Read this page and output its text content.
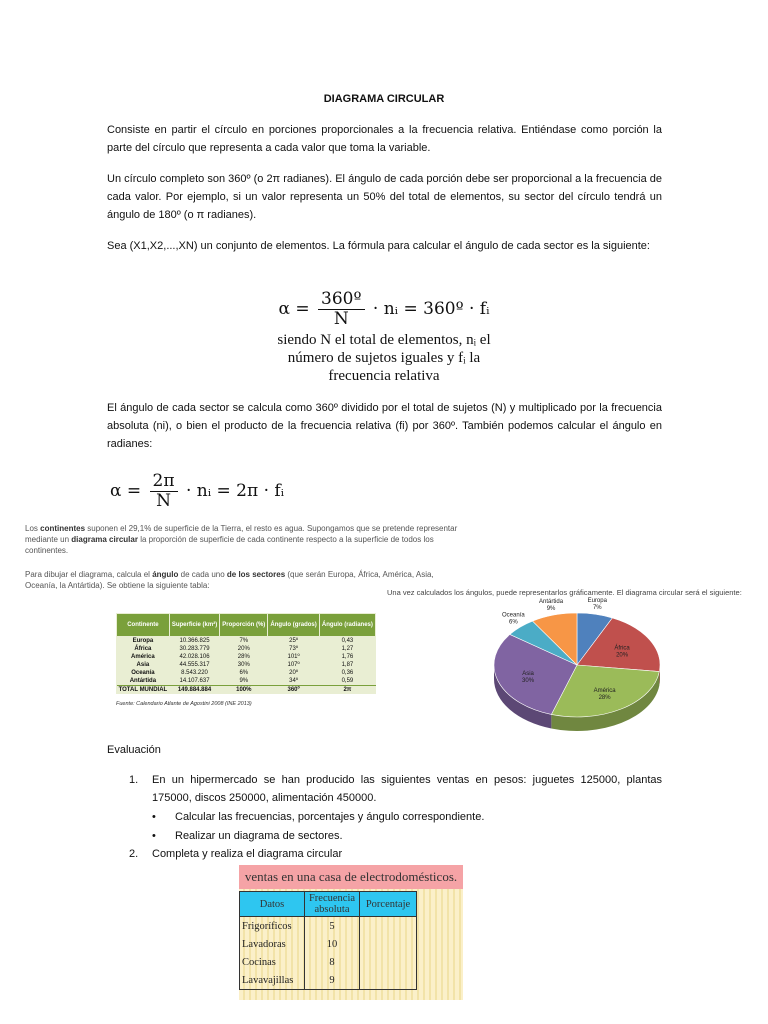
DIAGRAMA CIRCULAR

Consiste en partir el círculo en porciones proporcionales a la frecuencia relativa. Entiéndase como porción la parte del círculo que representa a cada valor que toma la variable.

Un círculo completo son 360º (o 2π radianes). El ángulo de cada porción debe ser proporcional a la frecuencia de cada valor. Por ejemplo, si un valor representa un 50% del total de elementos, su sector del círculo tendrá un ángulo de 180º (o π radianes).

Sea (X1,X2,...,XN) un conjunto de elementos. La fórmula para calcular el ángulo de cada sector es la siguiente:

$\alpha = \frac{\text{360º}}{N}$ · nᵢ = 360º · fᵢ
siendo N el total de elementos, nᵢ el
número de sujetos iguales y fᵢ la
frecuencia relativa

El ángulo de cada sector se calcula como 360º dividido por el total de sujetos (N) y multiplicado por la frecuencia absoluta (ni), o bien el producto de la frecuencia relativa (fi) por 360º. También podemos calcular el ángulo en radianes:

$\alpha = \frac{2\pi}{N}$ · nᵢ = 2π · fᵢ

Los continentes suponen el 29,1% de superficie de la Tierra, el resto es agua. Supongamos que se pretende representar mediante un diagrama circular la proporción de superficie de cada continente respecto a la superficie de todos los continentes.

Para dibujar el diagrama, calcula el ángulo de cada uno de los sectores (que serán Europa, África, América, Asia, Oceanía, la Antártida). Se obtiene la siguiente tabla:

Una vez calculados los ángulos, puede representarlos gráficamente. El diagrama circular será el siguiente:
Continente	Superficie (km²)	Proporción (%)	Ángulo (grados)	Ángulo (radianes)
Europa	10.366.825	7%	25º	0,43
África	30.283.779	20%	73º	1,27
América	42.028.106	28%	101º	1,76
Asia	44.555.317	30%	107º	1,87
Oceanía	8.543.220	6%	20º	0,36
Antártida	14.107.637	9%	34º	0,59
TOTAL MUNDIAL	149.884.884	100%	360º	2π
Fuente: Calendario Atlante de Agostini 2008 (INE 2013)
Europa 7%
África 20%
América 28%
Asia 30%
Oceanía 6%
Antártida 9%
Evaluación
1. En un hipermercado se han producido las siguientes ventas en pesos: juguetes 125000, plantas 175000, discos 250000, alimentación 450000.
• Calcular las frecuencias, porcentajes y ángulo correspondiente.
• Realizar un diagrama de sectores.
2. Completa y realiza el diagrama circular
ventas en una casa de electrodomésticos.
Datos	Frecuencia absoluta	Porcentaje
Frigoríficos	5	
Lavadoras	10	
Cocinas	8	
Lavavajillas	9	
